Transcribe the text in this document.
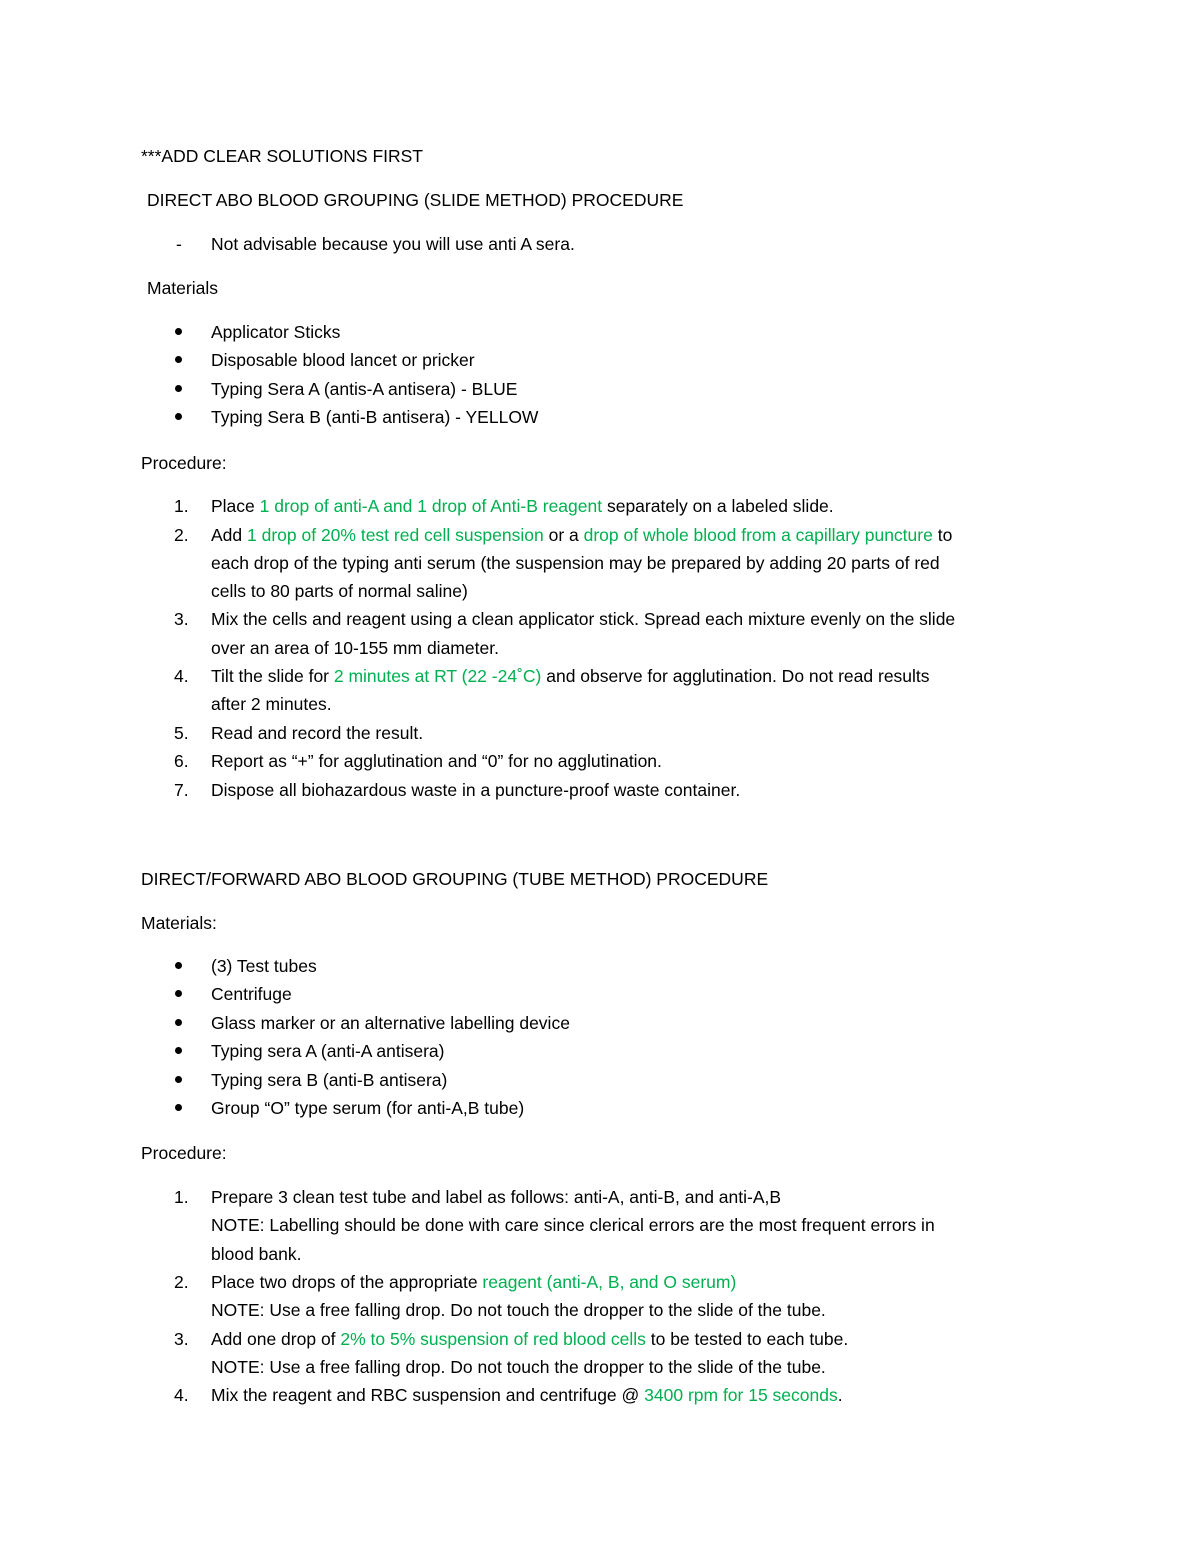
***ADD CLEAR SOLUTIONS FIRST
DIRECT ABO BLOOD GROUPING (SLIDE METHOD) PROCEDURE
- Not advisable because you will use anti A sera.
Materials
Applicator Sticks
Disposable blood lancet or pricker
Typing Sera A (antis-A antisera) - BLUE
Typing Sera B (anti-B antisera) - YELLOW
Procedure:
1.	Place 1 drop of anti-A and 1 drop of Anti-B reagent separately on a labeled slide.
2.	Add 1 drop of 20% test red cell suspension or a drop of whole blood from a capillary puncture to
each drop of the typing anti serum (the suspension may be prepared by adding 20 parts of red
cells to 80 parts of normal saline)
3.	Mix the cells and reagent using a clean applicator stick. Spread each mixture evenly on the slide
over an area of 10-155 mm diameter.
4.	Tilt the slide for 2 minutes at RT (22 -24˚C) and observe for agglutination. Do not read results
after 2 minutes.
5.	Read and record the result.
6.	Report as “+” for agglutination and “0” for no agglutination.
7.	Dispose all biohazardous waste in a puncture-proof waste container.
DIRECT/FORWARD ABO BLOOD GROUPING (TUBE METHOD) PROCEDURE
Materials:
(3) Test tubes
Centrifuge
Glass marker or an alternative labelling device
Typing sera A (anti-A antisera)
Typing sera B (anti-B antisera)
Group “O” type serum (for anti-A,B tube)
Procedure:
1.	Prepare 3 clean test tube and label as follows: anti-A, anti-B, and anti-A,B
NOTE: Labelling should be done with care since clerical errors are the most frequent errors in
blood bank.
2.	Place two drops of the appropriate reagent (anti-A, B, and O serum)
NOTE: Use a free falling drop. Do not touch the dropper to the slide of the tube.
3.	Add one drop of 2% to 5% suspension of red blood cells to be tested to each tube.
NOTE: Use a free falling drop. Do not touch the dropper to the slide of the tube.
4.	Mix the reagent and RBC suspension and centrifuge @ 3400 rpm for 15 seconds.
